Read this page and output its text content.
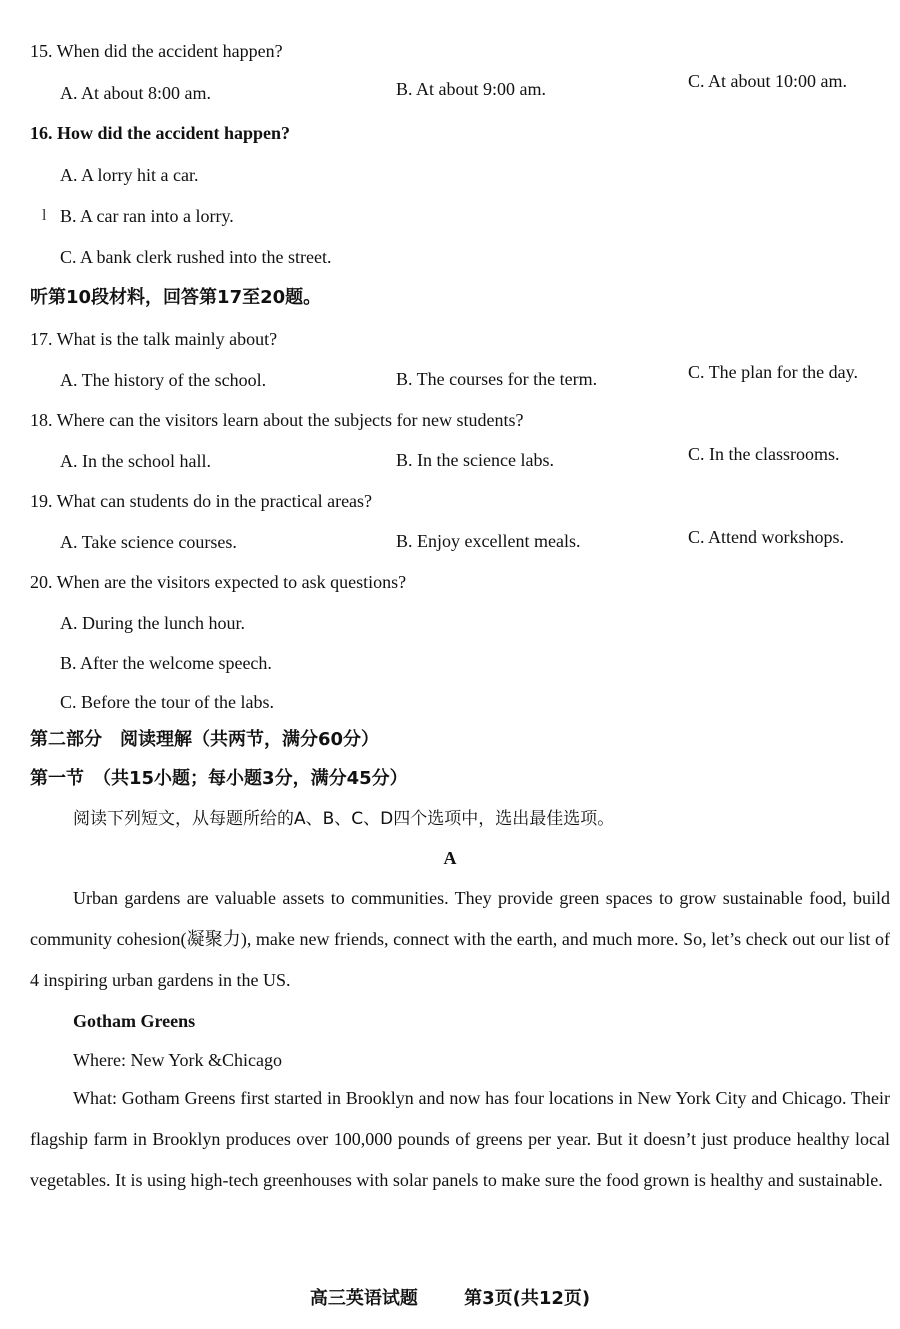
15. When did the accident happen?
A. At about 8:00 am.	B. At about 9:00 am.	C. At about 10:00 am.
16. How did the accident happen?
A. A lorry hit a car.
l B. A car ran into a lorry.
C. A bank clerk rushed into the street.
听第10段材料，回答第17至20题。
17. What is the talk mainly about?
A. The history of the school.	B. The courses for the term.	C. The plan for the day.
18. Where can the visitors learn about the subjects for new students?
A. In the school hall.	B. In the science labs.	C. In the classrooms.
19. What can students do in the practical areas?
A. Take science courses.	B. Enjoy excellent meals.	C. Attend workshops.
20. When are the visitors expected to ask questions?
A. During the lunch hour.
B. After the welcome speech.
C. Before the tour of the labs.
第二部分　阅读理解（共两节，满分60分）
第一节　（共15小题；每小题3分，满分45分）
阅读下列短文，从每题所给的A、B、C、D四个选项中，选出最佳选项。
A
Urban gardens are valuable assets to communities. They provide green spaces to grow sustainable food, build community cohesion(凝聚力), make new friends, connect with the earth, and much more. So, let’s check out our list of 4 inspiring urban gardens in the US.
Gotham Greens
Where: New York &Chicago
What: Gotham Greens first started in Brooklyn and now has four locations in New York City and Chicago. Their flagship farm in Brooklyn produces over 100,000 pounds of greens per year. But it doesn’t just produce healthy local vegetables. It is using high-tech greenhouses with solar panels to make sure the food grown is healthy and sustainable.
高三英语试题	第3页(共12页)
